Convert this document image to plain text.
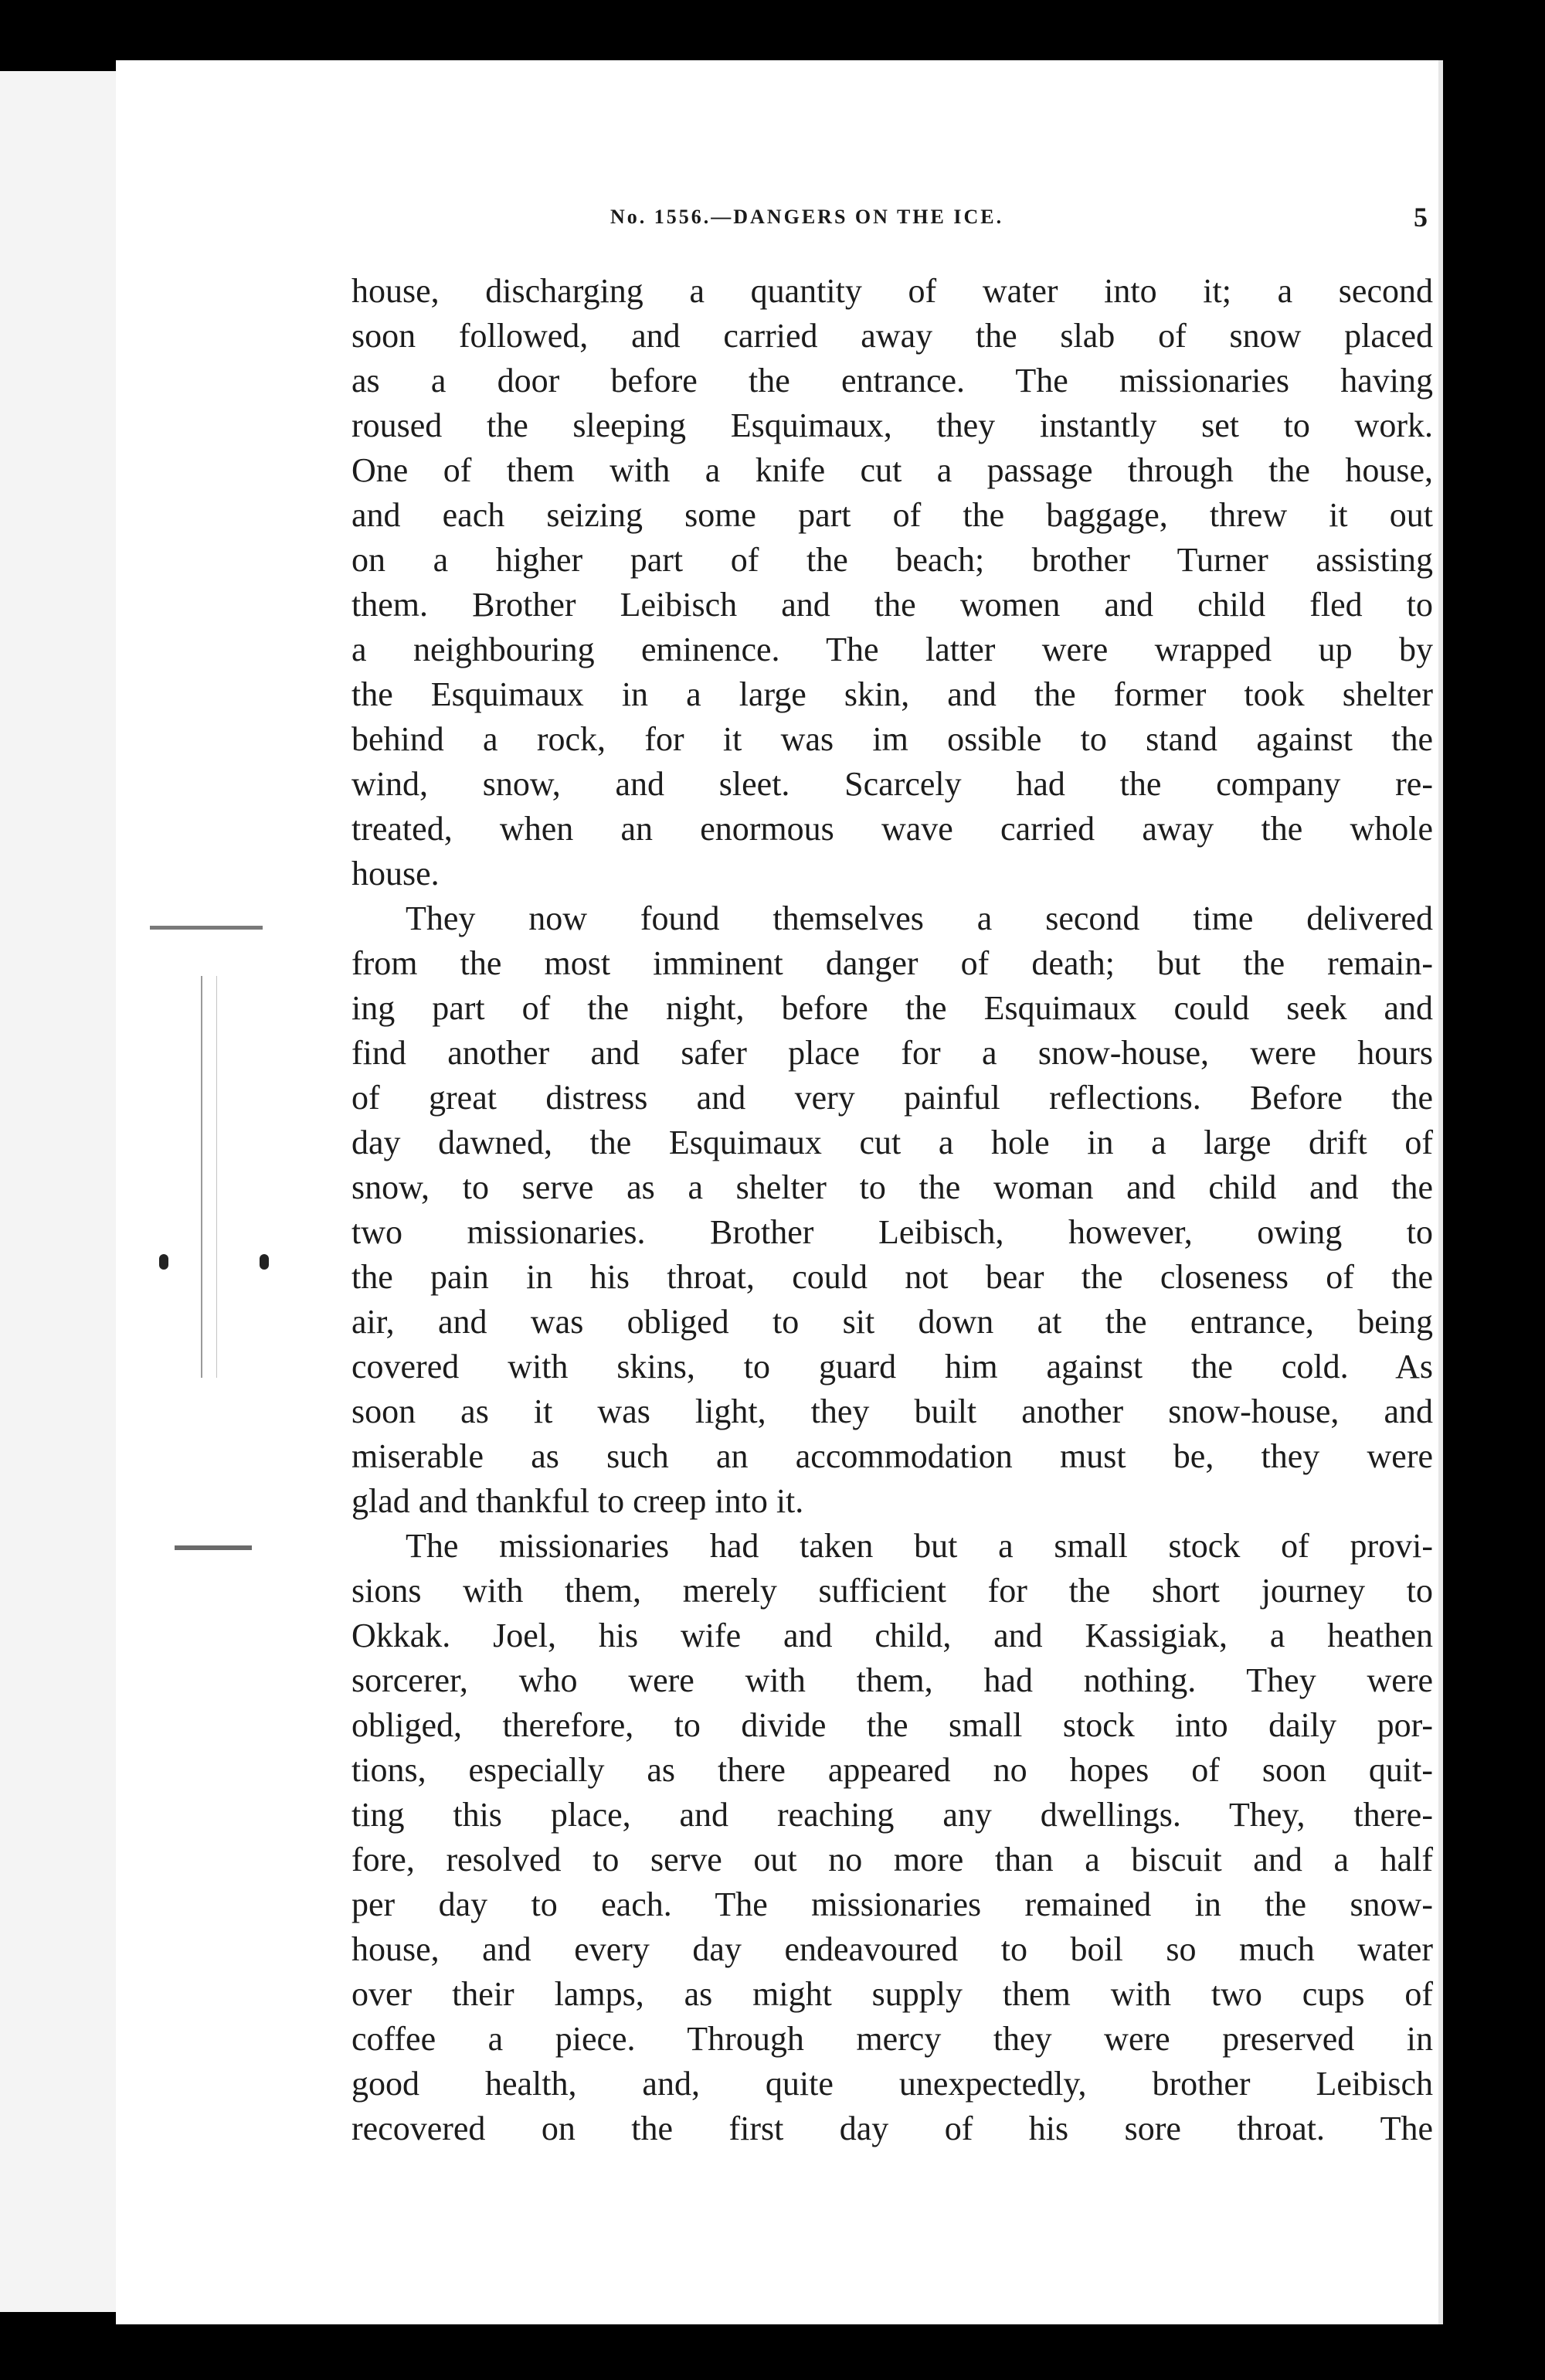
No. 1556.—DANGERS ON THE ICE.	5
house, discharging a quantity of water into it; a second
soon followed, and carried away the slab of snow placed
as a door before the entrance. The missionaries having
roused the sleeping Esquimaux, they instantly set to work.
One of them with a knife cut a passage through the house,
and each seizing some part of the baggage, threw it out
on a higher part of the beach; brother Turner assisting
them. Brother Leibisch and the women and child fled to
a neighbouring eminence. The latter were wrapped up by
the Esquimaux in a large skin, and the former took shelter
behind a rock, for it was im ossible to stand against the
wind, snow, and sleet. Scarcely had the company re-
treated, when an enormous wave carried away the whole
house.
They now found themselves a second time delivered
from the most imminent danger of death; but the remain-
ing part of the night, before the Esquimaux could seek and
find another and safer place for a snow-house, were hours
of great distress and very painful reflections. Before the
day dawned, the Esquimaux cut a hole in a large drift of
snow, to serve as a shelter to the woman and child and the
two missionaries. Brother Leibisch, however, owing to
the pain in his throat, could not bear the closeness of the
air, and was obliged to sit down at the entrance, being
covered with skins, to guard him against the cold. As
soon as it was light, they built another snow-house, and
miserable as such an accommodation must be, they were
glad and thankful to creep into it.
The missionaries had taken but a small stock of provi-
sions with them, merely sufficient for the short journey to
Okkak. Joel, his wife and child, and Kassigiak, a heathen
sorcerer, who were with them, had nothing. They were
obliged, therefore, to divide the small stock into daily por-
tions, especially as there appeared no hopes of soon quit-
ting this place, and reaching any dwellings. They, there-
fore, resolved to serve out no more than a biscuit and a half
per day to each. The missionaries remained in the snow-
house, and every day endeavoured to boil so much water
over their lamps, as might supply them with two cups of
coffee a piece. Through mercy they were preserved in
good health, and, quite unexpectedly, brother Leibisch
recovered on the first day of his sore throat. The
